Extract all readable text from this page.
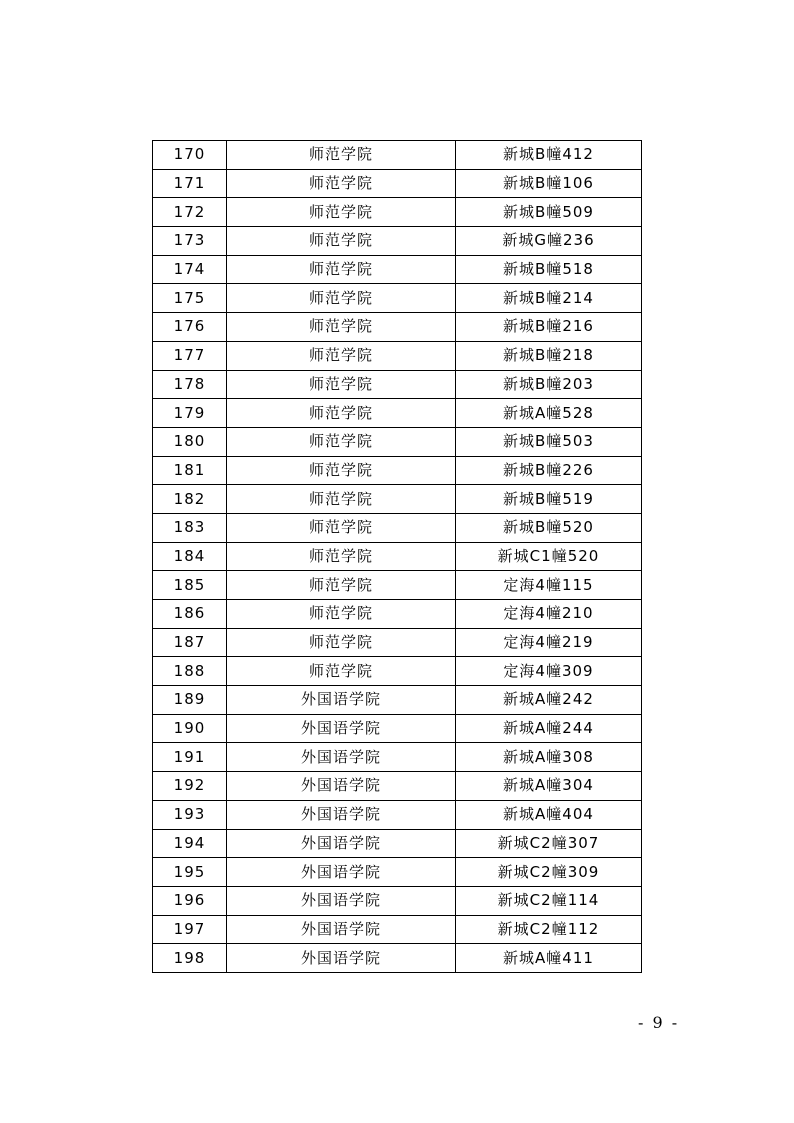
170	师范学院	新城B幢412
171	师范学院	新城B幢106
172	师范学院	新城B幢509
173	师范学院	新城G幢236
174	师范学院	新城B幢518
175	师范学院	新城B幢214
176	师范学院	新城B幢216
177	师范学院	新城B幢218
178	师范学院	新城B幢203
179	师范学院	新城A幢528
180	师范学院	新城B幢503
181	师范学院	新城B幢226
182	师范学院	新城B幢519
183	师范学院	新城B幢520
184	师范学院	新城C1幢520
185	师范学院	定海4幢115
186	师范学院	定海4幢210
187	师范学院	定海4幢219
188	师范学院	定海4幢309
189	外国语学院	新城A幢242
190	外国语学院	新城A幢244
191	外国语学院	新城A幢308
192	外国语学院	新城A幢304
193	外国语学院	新城A幢404
194	外国语学院	新城C2幢307
195	外国语学院	新城C2幢309
196	外国语学院	新城C2幢114
197	外国语学院	新城C2幢112
198	外国语学院	新城A幢411
- 9 -
